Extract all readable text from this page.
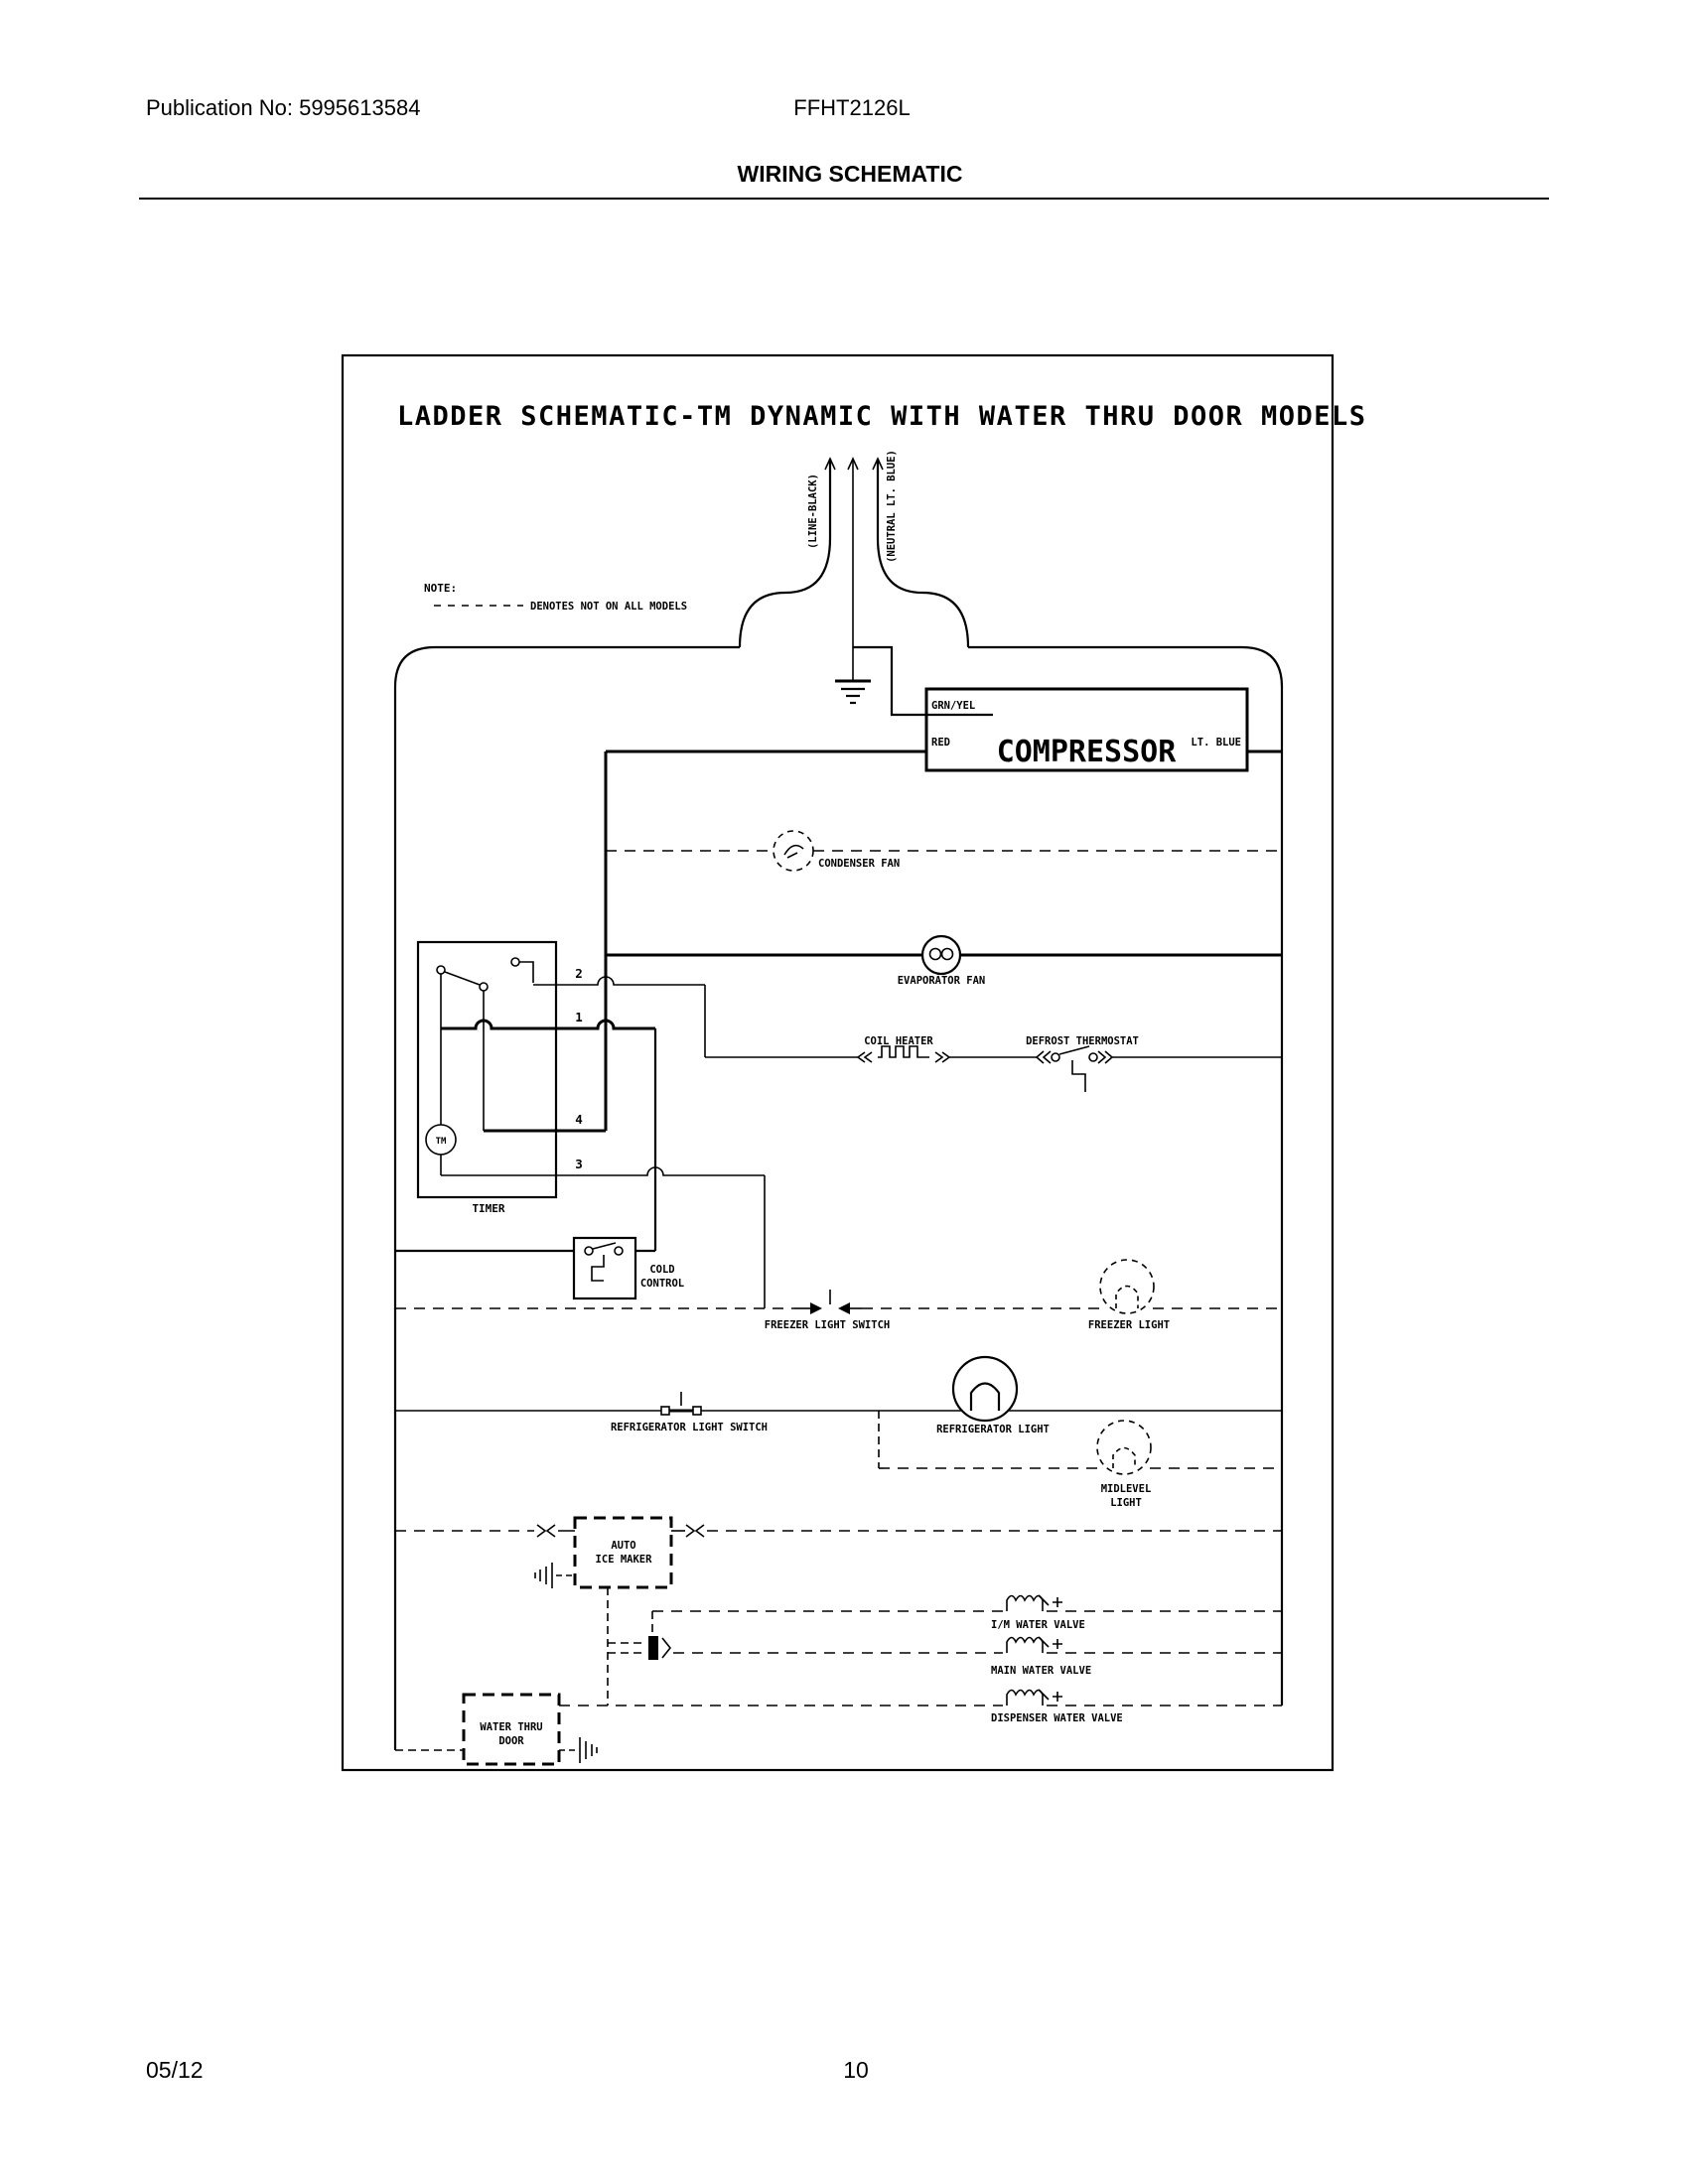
Publication No: 5995613584	FFHT2126L
WIRING SCHEMATIC
05/12	10
LADDER SCHEMATIC-TM DYNAMIC WITH WATER THRU DOOR MODELS
NOTE:
DENOTES NOT ON ALL MODELS
(LINE-BLACK)	(NEUTRAL LT. BLUE)
GRN/YEL
RED COMPRESSOR LT. BLUE
CONDENSER FAN
EVAPORATOR FAN
COIL HEATER	DEFROST THERMOSTAT
TIMER
TM
2
1
4
3
COLD
CONTROL
FREEZER LIGHT SWITCH	FREEZER LIGHT
REFRIGERATOR LIGHT SWITCH	REFRIGERATOR LIGHT
MIDLEVEL
LIGHT
AUTO
ICE MAKER
I/M WATER VALVE
MAIN WATER VALVE
DISPENSER WATER VALVE
WATER THRU
DOOR
